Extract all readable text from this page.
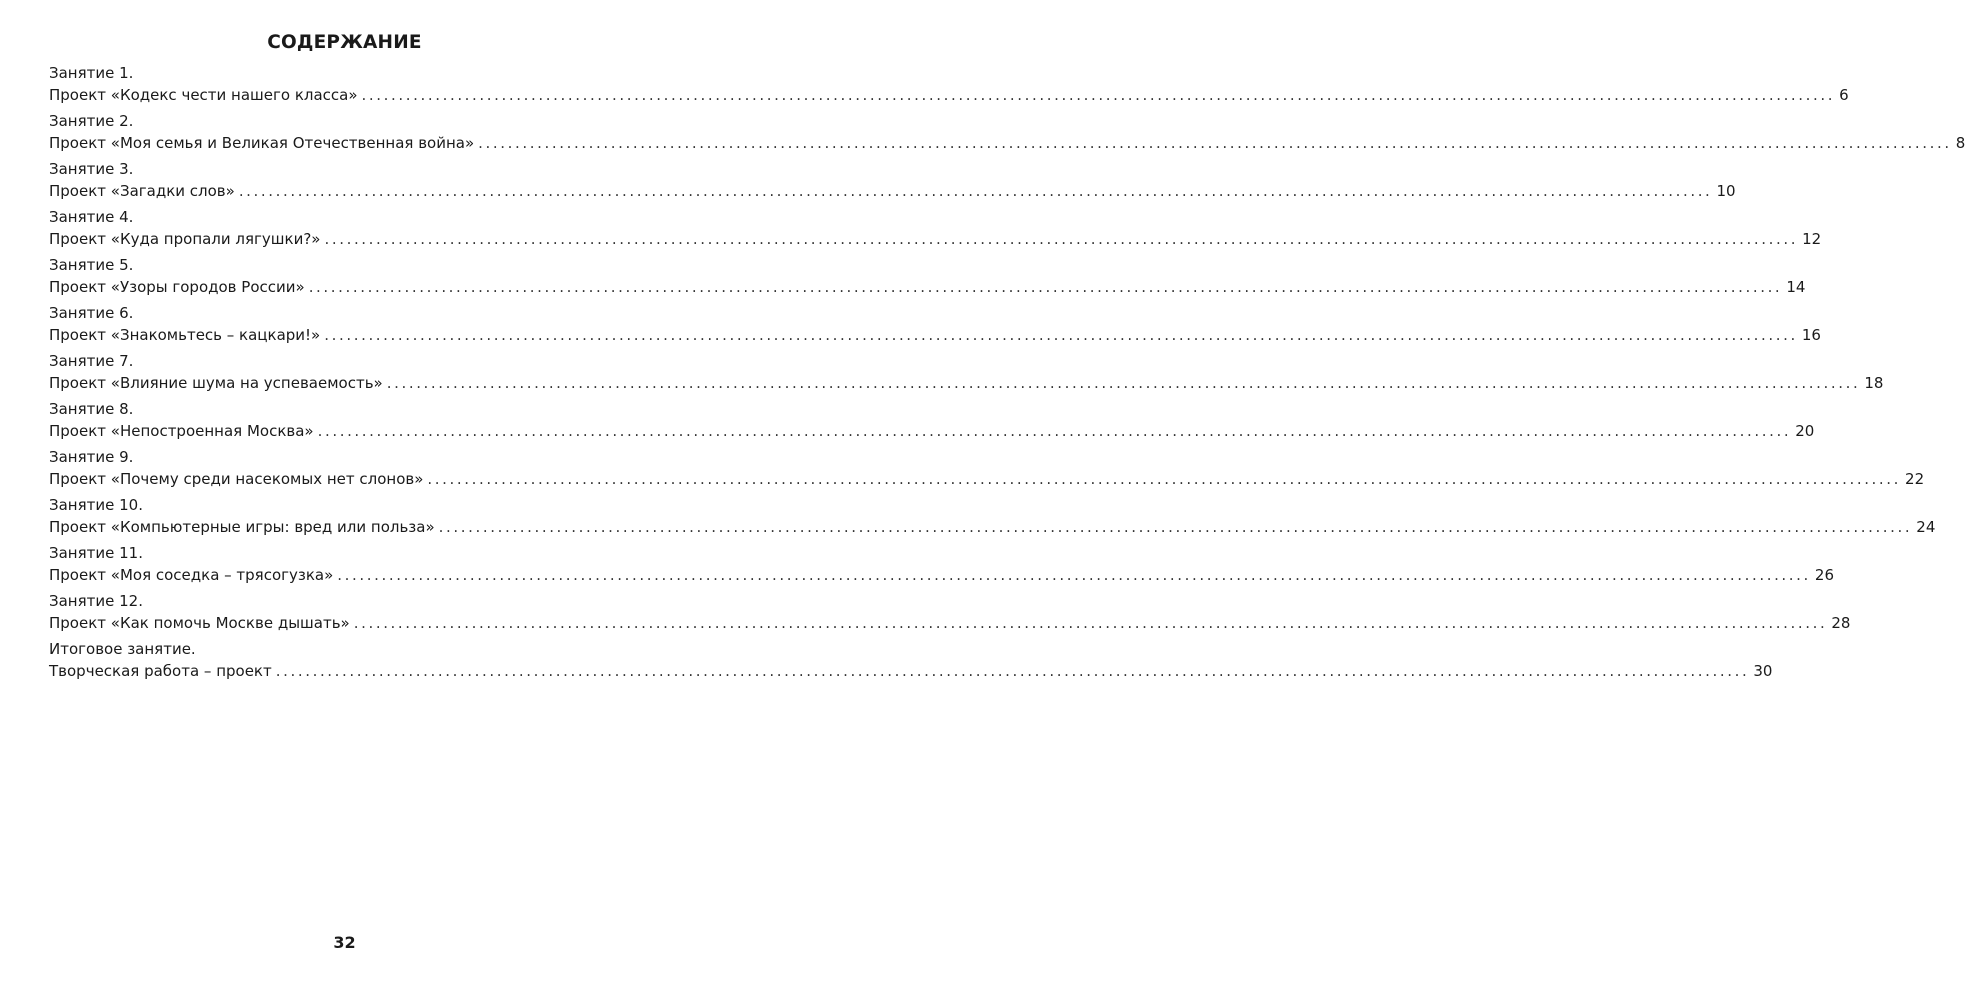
СОДЕРЖАНИЕ
Занятие 1.
Проект «Кодекс чести нашего класса» ........................................................................................................................................................................................................ 6
Занятие 2.
Проект «Моя семья и Великая Отечественная война» ........................................................................................................................................................................................................ 8
Занятие 3.
Проект «Загадки слов» ........................................................................................................................................................................................................ 10
Занятие 4.
Проект «Куда пропали лягушки?» ........................................................................................................................................................................................................ 12
Занятие 5.
Проект «Узоры городов России» ........................................................................................................................................................................................................ 14
Занятие 6.
Проект «Знакомьтесь – кацкари!» ........................................................................................................................................................................................................ 16
Занятие 7.
Проект «Влияние шума на успеваемость» ........................................................................................................................................................................................................ 18
Занятие 8.
Проект «Непостроенная Москва» ........................................................................................................................................................................................................ 20
Занятие 9.
Проект «Почему среди насекомых нет слонов» ........................................................................................................................................................................................................ 22
Занятие 10.
Проект «Компьютерные игры: вред или польза» ........................................................................................................................................................................................................ 24
Занятие 11.
Проект «Моя соседка – трясогузка» ........................................................................................................................................................................................................ 26
Занятие 12.
Проект «Как помочь Москве дышать» ........................................................................................................................................................................................................ 28
Итоговое занятие.
Творческая работа – проект ........................................................................................................................................................................................................ 30
32
